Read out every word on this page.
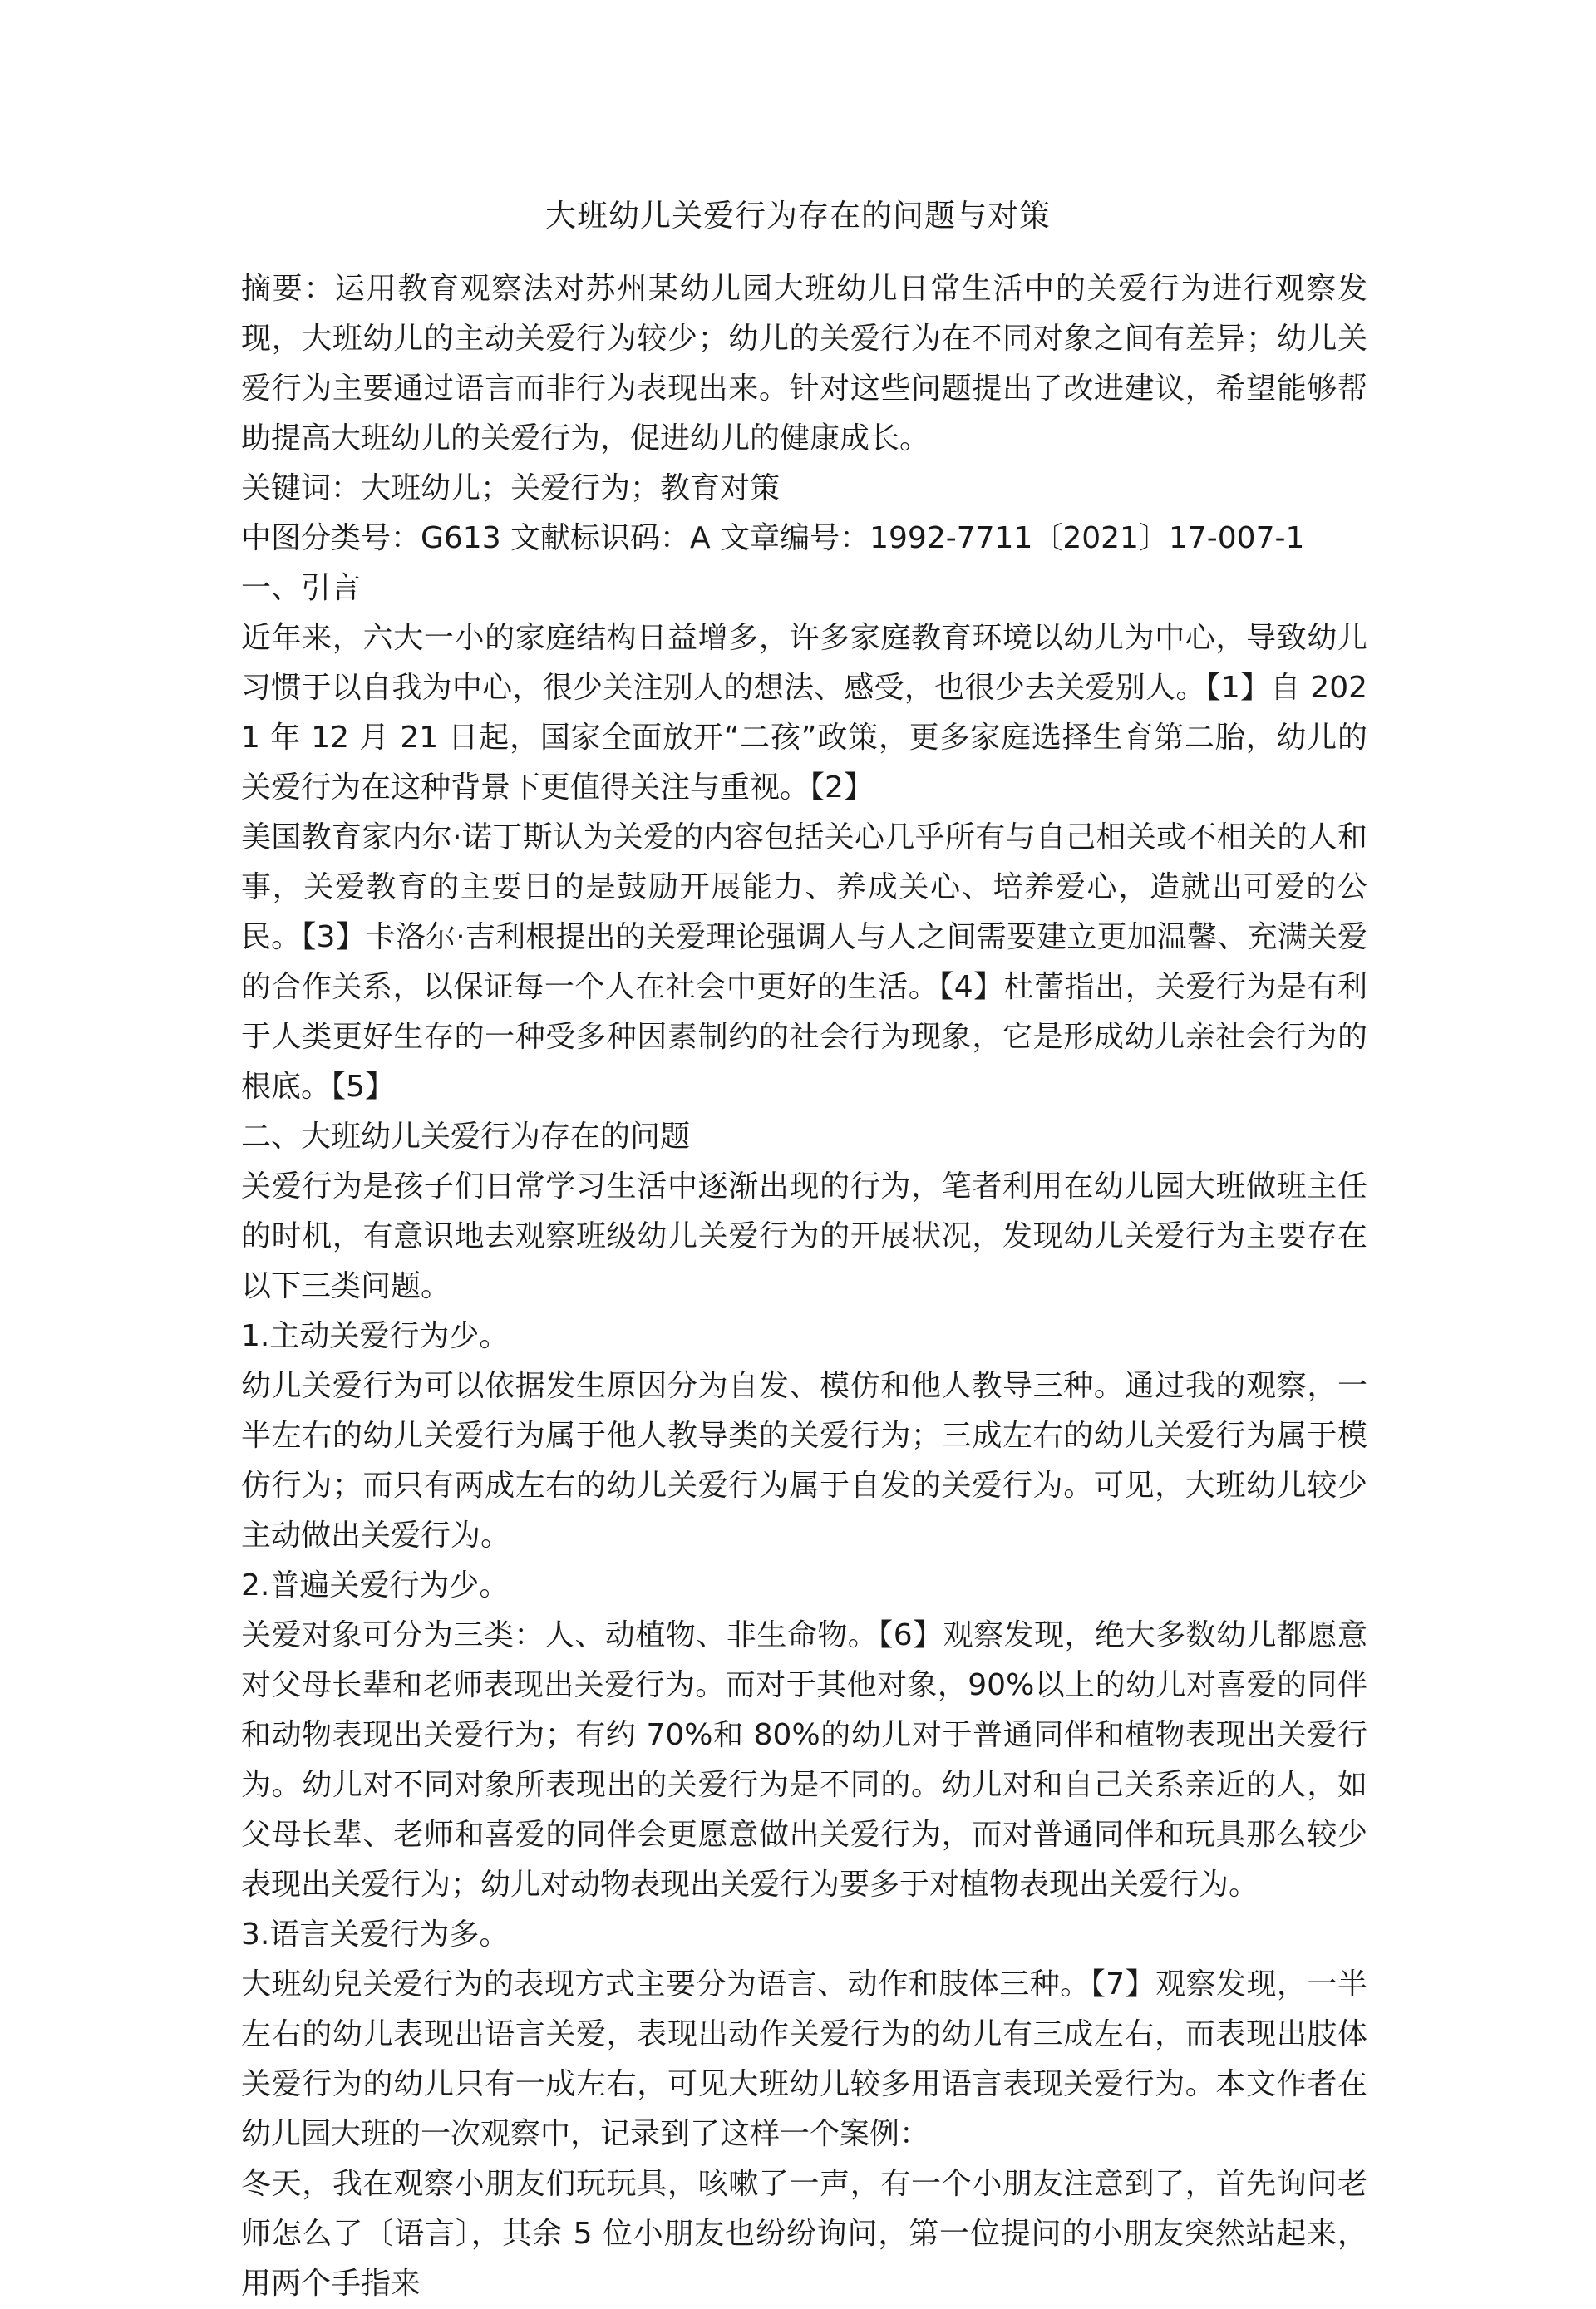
大班幼儿关爱行为存在的问题与对策

摘要：运用教育观察法对苏州某幼儿园大班幼儿日常生活中的关爱行为进行观察发现，大班幼儿的主动关爱行为较少；幼儿的关爱行为在不同对象之间有差异；幼儿关爱行为主要通过语言而非行为表现出来。针对这些问题提出了改进建议，希望能够帮助提高大班幼儿的关爱行为，促进幼儿的健康成长。

关键词：大班幼儿；关爱行为；教育对策

中图分类号：G613 文献标识码：A 文章编号：1992-7711〔2021〕17-007-1

一、引言

近年来，六大一小的家庭结构日益增多，许多家庭教育环境以幼儿为中心，导致幼儿习惯于以自我为中心，很少关注别人的想法、感受，也很少去关爱别人。【1】自 2021 年 12 月 21 日起，国家全面放开“二孩”政策，更多家庭选择生育第二胎，幼儿的关爱行为在这种背景下更值得关注与重视。【2】

美国教育家内尔·诺丁斯认为关爱的内容包括关心几乎所有与自己相关或不相关的人和事，关爱教育的主要目的是鼓励开展能力、养成关心、培养爱心，造就出可爱的公民。【3】卡洛尔·吉利根提出的关爱理论强调人与人之间需要建立更加温馨、充满关爱的合作关系，以保证每一个人在社会中更好的生活。【4】杜蕾指出，关爱行为是有利于人类更好生存的一种受多种因素制约的社会行为现象，它是形成幼儿亲社会行为的根底。【5】

二、大班幼儿关爱行为存在的问题

关爱行为是孩子们日常学习生活中逐渐出现的行为，笔者利用在幼儿园大班做班主任的时机，有意识地去观察班级幼儿关爱行为的开展状况，发现幼儿关爱行为主要存在以下三类问题。

1.主动关爱行为少。

幼儿关爱行为可以依据发生原因分为自发、模仿和他人教导三种。通过我的观察，一半左右的幼儿关爱行为属于他人教导类的关爱行为；三成左右的幼儿关爱行为属于模仿行为；而只有两成左右的幼儿关爱行为属于自发的关爱行为。可见，大班幼儿较少主动做出关爱行为。

2.普遍关爱行为少。

关爱对象可分为三类：人、动植物、非生命物。【6】观察发现，绝大多数幼儿都愿意对父母长辈和老师表现出关爱行为。而对于其他对象，90%以上的幼儿对喜爱的同伴和动物表现出关爱行为；有约 70%和 80%的幼儿对于普通同伴和植物表现出关爱行为。幼儿对不同对象所表现出的关爱行为是不同的。幼儿对和自己关系亲近的人，如父母长辈、老师和喜爱的同伴会更愿意做出关爱行为，而对普通同伴和玩具那么较少表现出关爱行为；幼儿对动物表现出关爱行为要多于对植物表现出关爱行为。

3.语言关爱行为多。

大班幼兒关爱行为的表现方式主要分为语言、动作和肢体三种。【7】观察发现，一半左右的幼儿表现出语言关爱，表现出动作关爱行为的幼儿有三成左右，而表现出肢体关爱行为的幼儿只有一成左右，可见大班幼儿较多用语言表现关爱行为。本文作者在幼儿园大班的一次观察中，记录到了这样一个案例：

冬天，我在观察小朋友们玩玩具，咳嗽了一声，有一个小朋友注意到了，首先询问老师怎么了〔语言〕，其余 5 位小朋友也纷纷询问，第一位提问的小朋友突然站起来，用两个手指来
